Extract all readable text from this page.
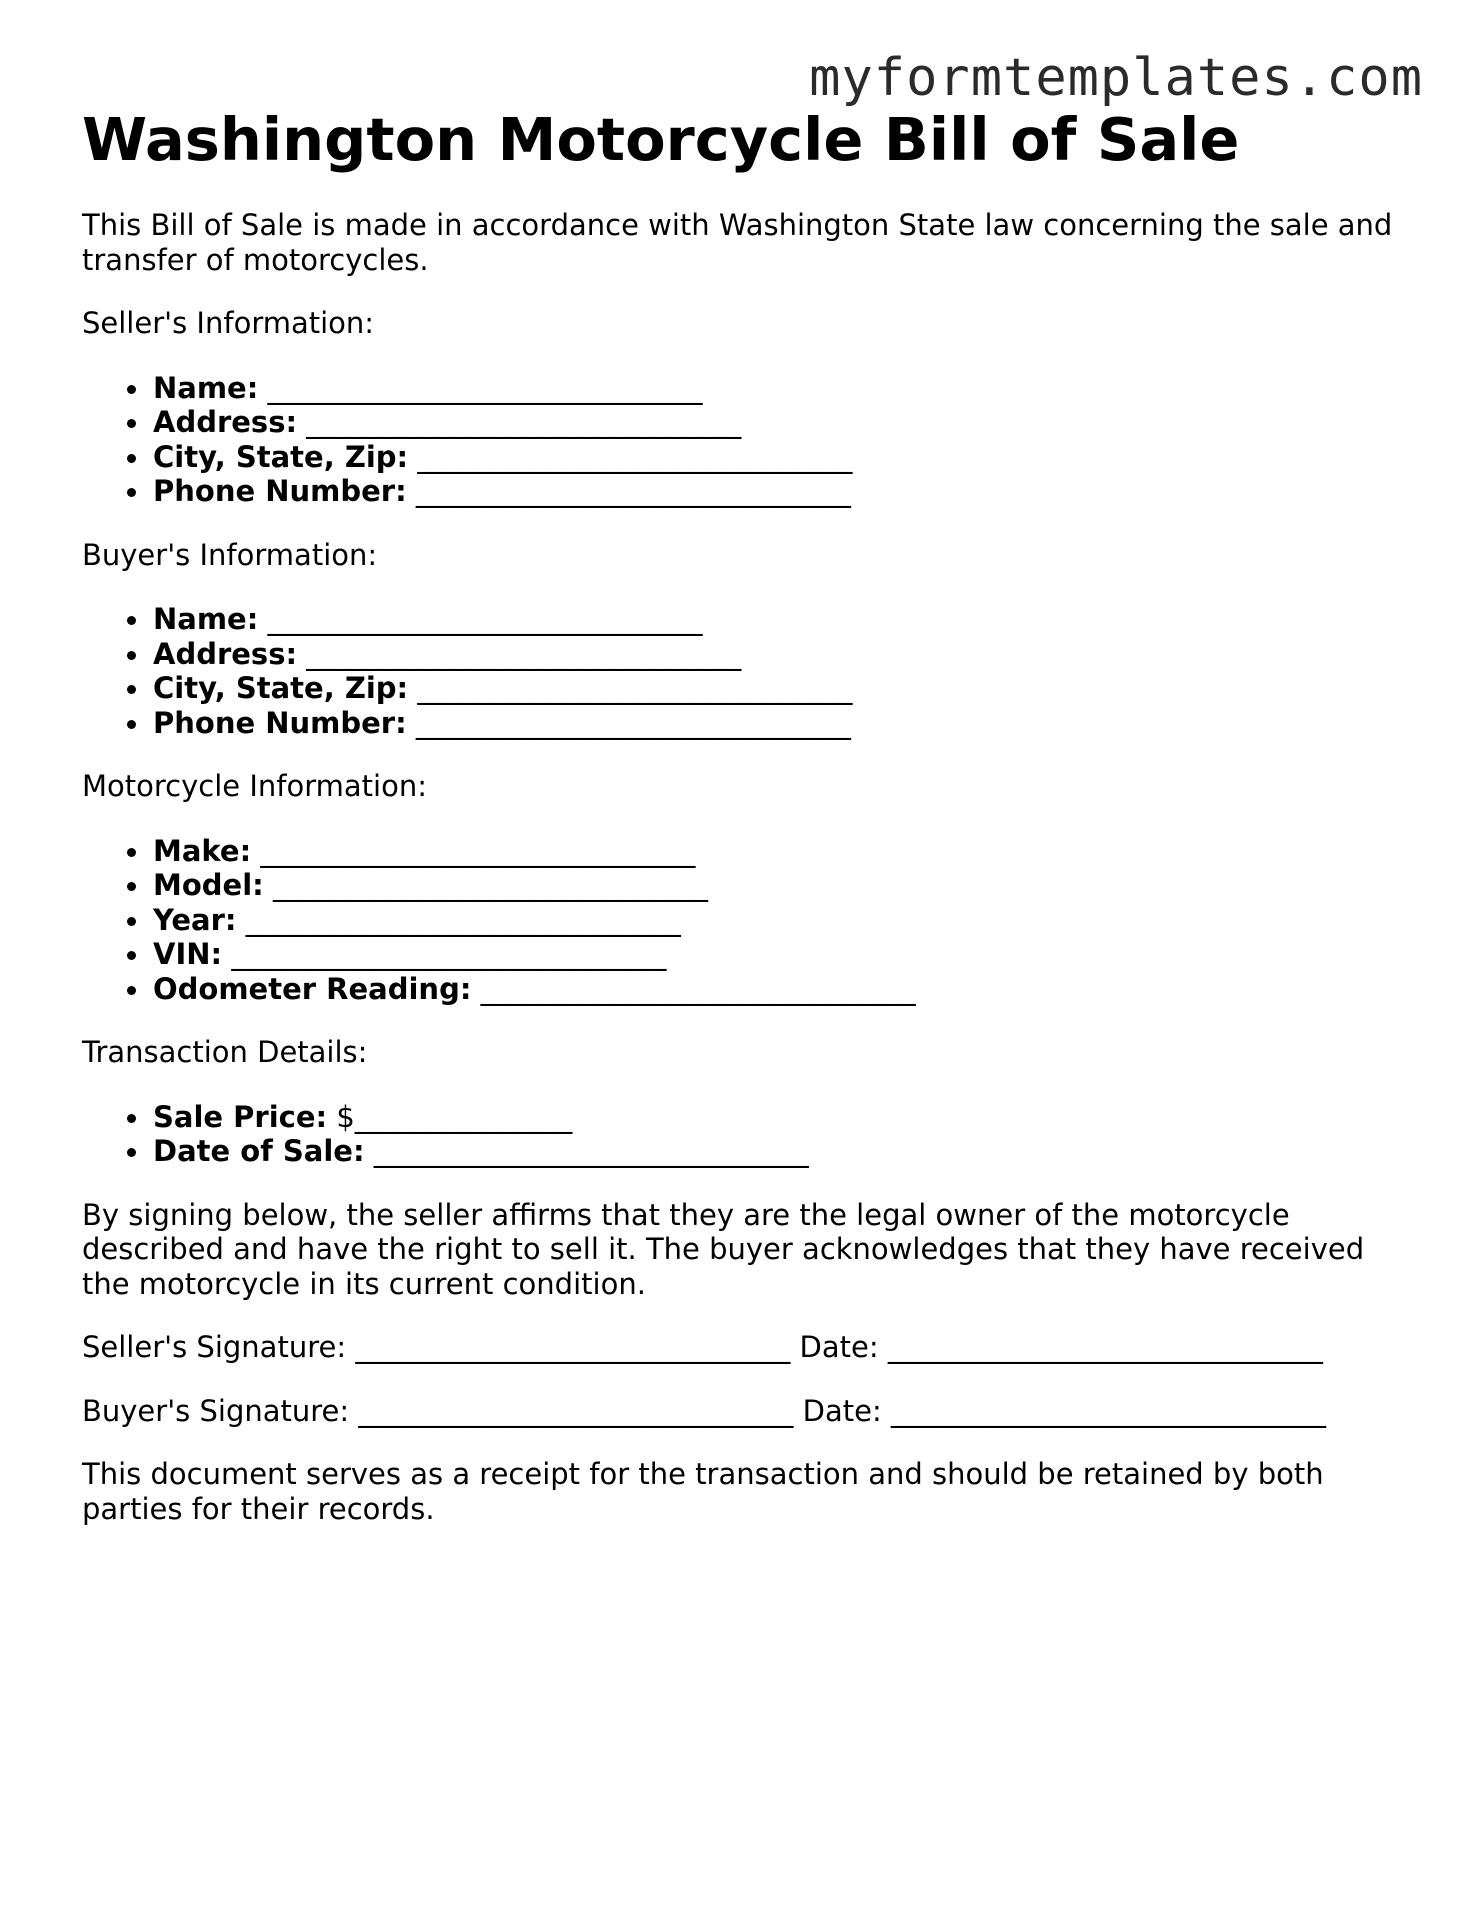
myformtemplates.com
Washington Motorcycle Bill of Sale

This Bill of Sale is made in accordance with Washington State law concerning the sale and transfer of motorcycles.

Seller's Information:

Name: ______________________________
Address: ______________________________
City, State, Zip: ______________________________
Phone Number: ______________________________

Buyer's Information:

Name: ______________________________
Address: ______________________________
City, State, Zip: ______________________________
Phone Number: ______________________________

Motorcycle Information:

Make: ______________________________
Model: ______________________________
Year: ______________________________
VIN: ______________________________
Odometer Reading: ______________________________

Transaction Details:

Sale Price: $_______________
Date of Sale: ______________________________

By signing below, the seller affirms that they are the legal owner of the motorcycle described and have the right to sell it. The buyer acknowledges that they have received the motorcycle in its current condition.

Seller's Signature: ______________________________ Date: ______________________________

Buyer's Signature: ______________________________ Date: ______________________________

This document serves as a receipt for the transaction and should be retained by both parties for their records.
